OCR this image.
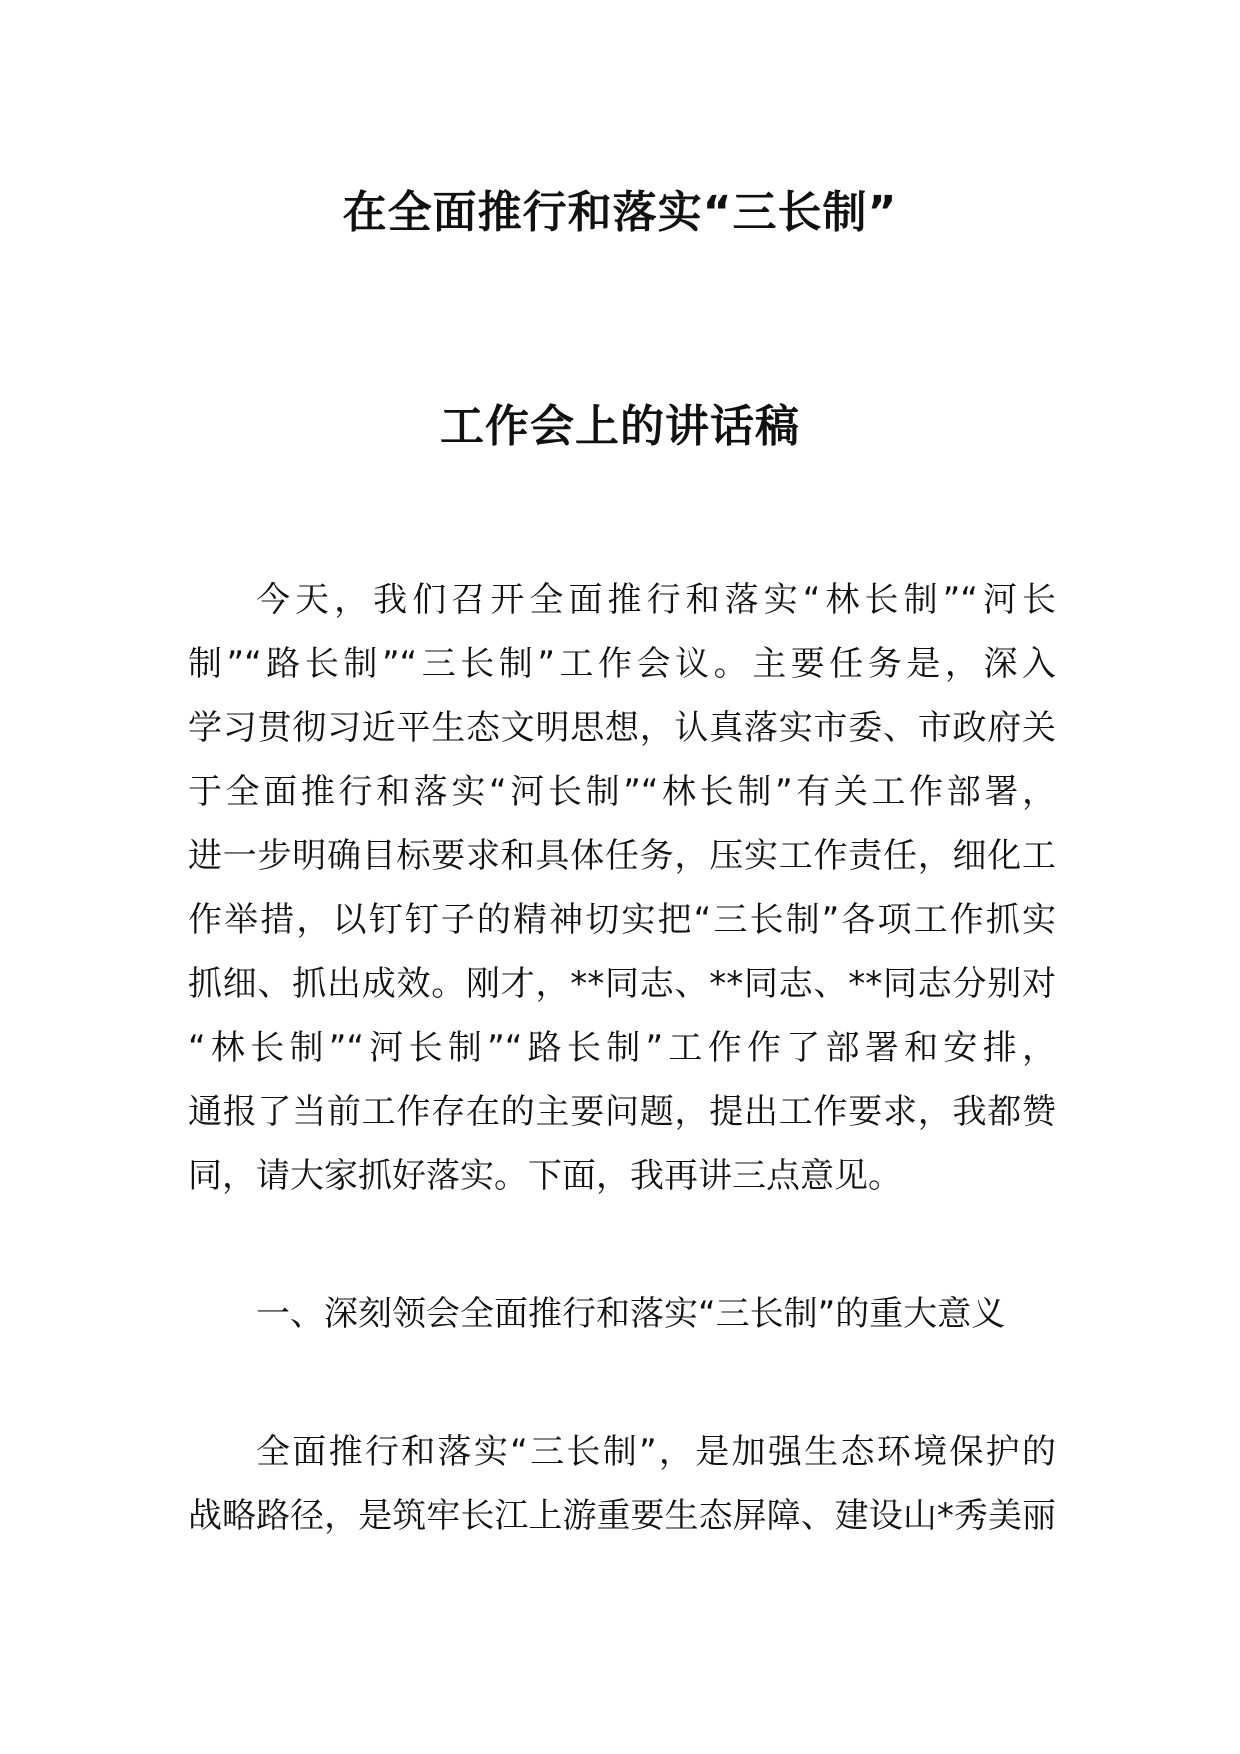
在全面推行和落实“三长制”
工作会上的讲话稿
今天，我们召开全面推行和落实“林长制”“河长
制”“路长制”“三长制”工作会议。主要任务是，深入
学习贯彻习近平生态文明思想，认真落实市委、市政府关
于全面推行和落实“河长制”“林长制”有关工作部署，
进一步明确目标要求和具体任务，压实工作责任，细化工
作举措，以钉钉子的精神切实把“三长制”各项工作抓实
抓细、抓出成效。刚才，**同志、**同志、**同志分别对
“林长制”“河长制”“路长制”工作作了部署和安排，
通报了当前工作存在的主要问题，提出工作要求，我都赞
同，请大家抓好落实。下面，我再讲三点意见。
一、深刻领会全面推行和落实“三长制”的重大意义
全面推行和落实“三长制”，是加强生态环境保护的
战略路径，是筑牢长江上游重要生态屏障、建设山*秀美丽
